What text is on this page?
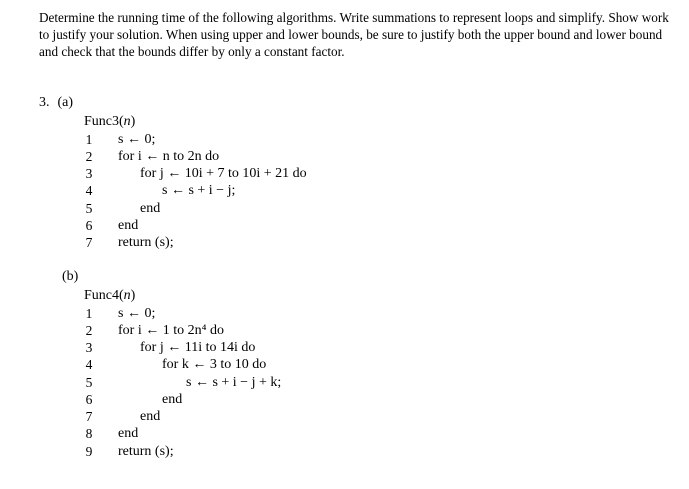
Determine the running time of the following algorithms. Write summations to represent loops and simplify. Show work to justify your solution. When using upper and lower bounds, be sure to justify both the upper bound and lower bound and check that the bounds differ by only a constant factor.

3. (a)
Func3(n)
1 s ← 0;
2 for i ← n to 2n do
3	for j ← 10i + 7 to 10i + 21 do
4	s ← s + i − j;
5	end
6 end
7 return (s);
(b)
Func4(n)
1 s ← 0;
2 for i ← 1 to 2n⁴ do
3	for j ← 11i to 14i do
4	for k ← 3 to 10 do
5	s ← s + i − j + k;
6	end
7	end
8 end
9 return (s);
